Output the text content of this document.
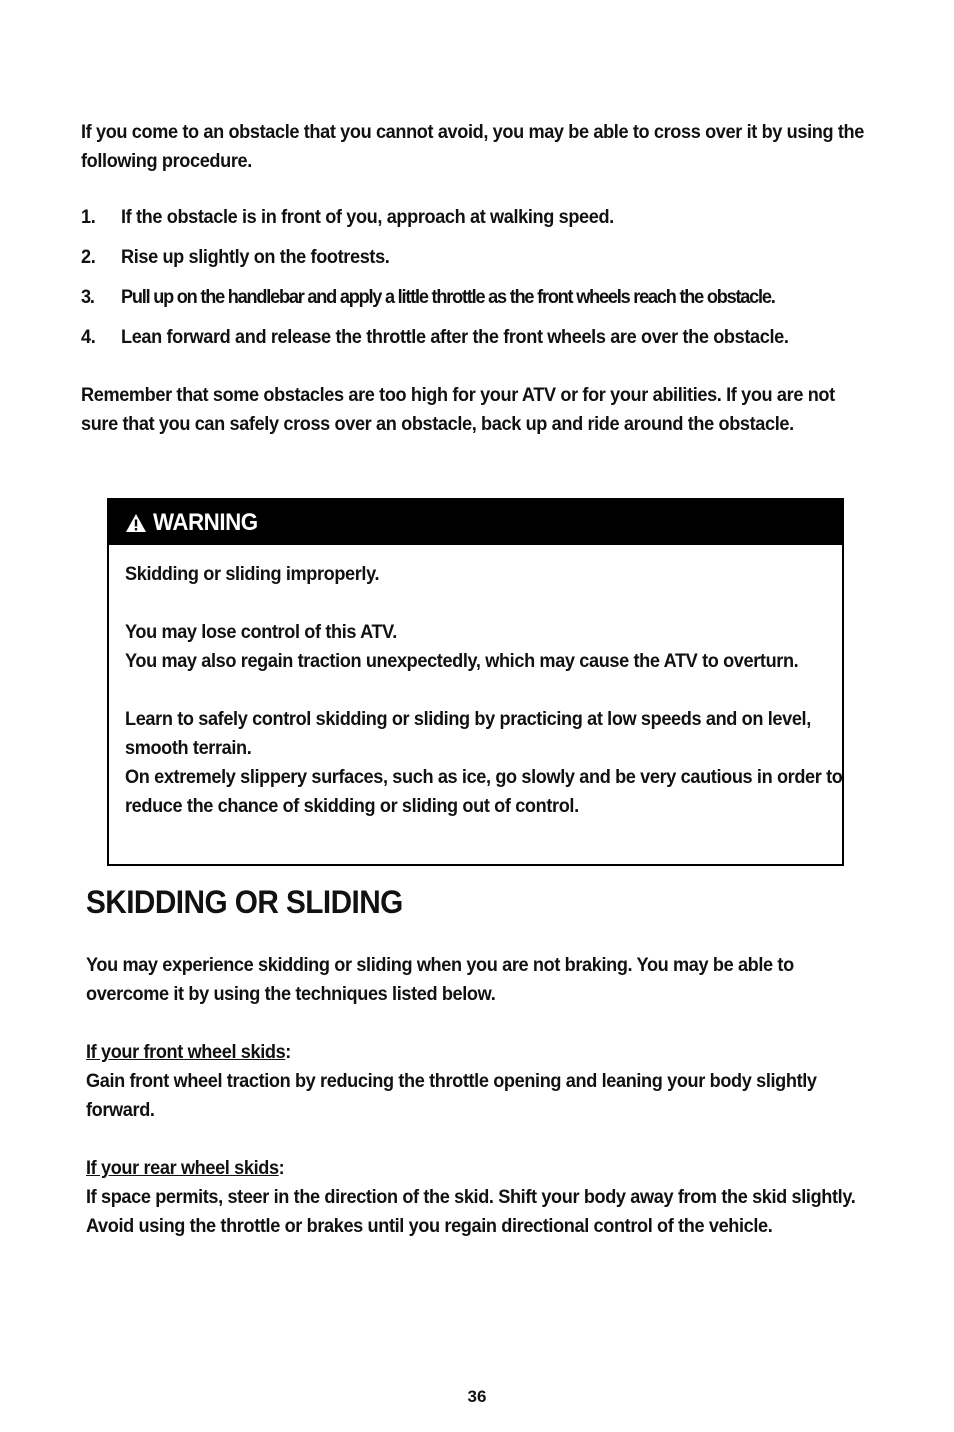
If you come to an obstacle that you cannot avoid, you may be able to cross over it by using the following procedure.

1. If the obstacle is in front of you, approach at walking speed.
2. Rise up slightly on the footrests.
3. Pull up on the handlebar and apply a little throttle as the front wheels reach the obstacle.
4. Lean forward and release the throttle after the front wheels are over the obstacle.

Remember that some obstacles are too high for your ATV or for your abilities. If you are not sure that you can safely cross over an obstacle, back up and ride around the obstacle.

WARNING

Skidding or sliding improperly.

You may lose control of this ATV.

You may also regain traction unexpectedly, which may cause the ATV to overturn.

Learn to safely control skidding or sliding by practicing at low speeds and on level, smooth terrain.

On extremely slippery surfaces, such as ice, go slowly and be very cautious in order to reduce the chance of skidding or sliding out of control.

SKIDDING OR SLIDING

You may experience skidding or sliding when you are not braking. You may be able to overcome it by using the techniques listed below.

If your front wheel skids:

Gain front wheel traction by reducing the throttle opening and leaning your body slightly forward.

If your rear wheel skids:

If space permits, steer in the direction of the skid. Shift your body away from the skid slightly. Avoid using the throttle or brakes until you regain directional control of the vehicle.

36
